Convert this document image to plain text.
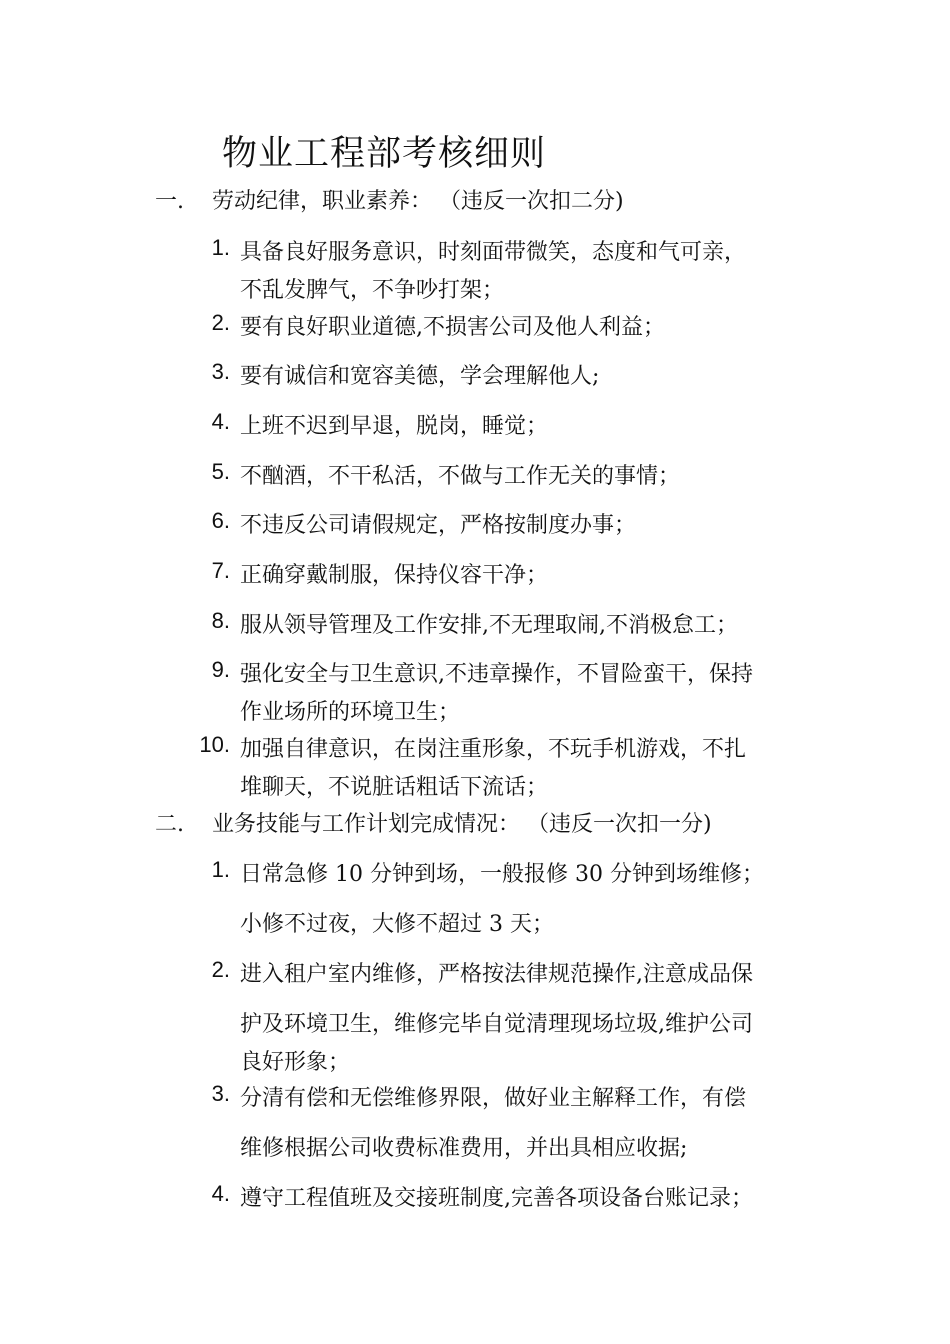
物业工程部考核细则
一. 劳动纪律，职业素养： （违反一次扣二分)
1. 具备良好服务意识，时刻面带微笑，态度和气可亲，
不乱发脾气，不争吵打架；
2. 要有良好职业道德,不损害公司及他人利益；
3. 要有诚信和宽容美德，学会理解他人;
4. 上班不迟到早退，脱岗，睡觉；
5. 不酗酒，不干私活，不做与工作无关的事情；
6. 不违反公司请假规定，严格按制度办事；
7. 正确穿戴制服，保持仪容干净；
8. 服从领导管理及工作安排,不无理取闹,不消极怠工；
9. 强化安全与卫生意识,不违章操作，不冒险蛮干，保持
作业场所的环境卫生；
10. 加强自律意识，在岗注重形象，不玩手机游戏，不扎
堆聊天，不说脏话粗话下流话；
二. 业务技能与工作计划完成情况： （违反一次扣一分)
1. 日常急修 10 分钟到场，一般报修 30 分钟到场维修；
小修不过夜，大修不超过 3 天；
2. 进入租户室内维修，严格按法律规范操作,注意成品保
护及环境卫生，维修完毕自觉清理现场垃圾,维护公司
良好形象；
3. 分清有偿和无偿维修界限，做好业主解释工作，有偿
维修根据公司收费标准费用，并出具相应收据;
4. 遵守工程值班及交接班制度,完善各项设备台账记录；
